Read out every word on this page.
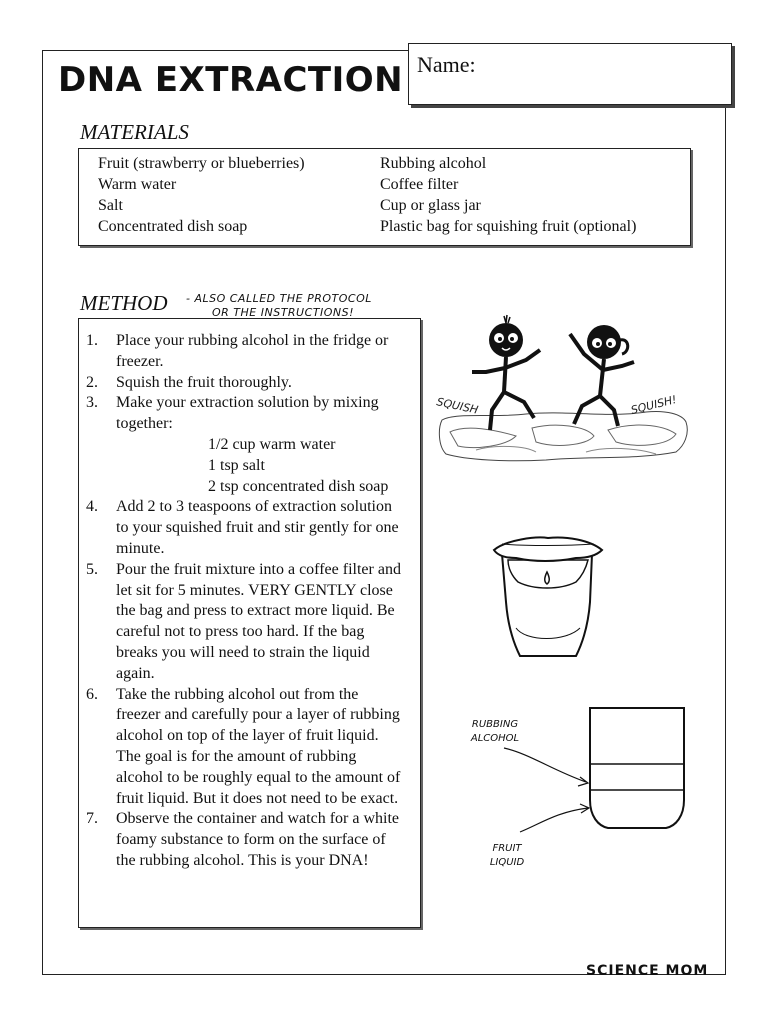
DNA EXTRACTION Name:
MATERIALS
Fruit (strawberry or blueberries)
Warm water
Salt
Concentrated dish soap
Rubbing alcohol
Coffee filter
Cup or glass jar
Plastic bag for squishing fruit (optional)
METHOD - ALSO CALLED THE PROTOCOL
OR THE INSTRUCTIONS!
1. Place your rubbing alcohol in the fridge or freezer.
2. Squish the fruit thoroughly.
3. Make your extraction solution by mixing together:
1/2 cup warm water
1 tsp salt
2 tsp concentrated dish soap
4. Add 2 to 3 teaspoons of extraction solution to your squished fruit and stir gently for one minute.
5. Pour the fruit mixture into a coffee filter and let sit for 5 minutes. VERY GENTLY close the bag and press to extract more liquid. Be careful not to press too hard. If the bag breaks you will need to strain the liquid again.
6. Take the rubbing alcohol out from the freezer and carefully pour a layer of rubbing alcohol on top of the layer of fruit liquid. The goal is for the amount of rubbing alcohol to be roughly equal to the amount of fruit liquid. But it does not need to be exact.
7. Observe the container and watch for a white foamy substance to form on the surface of the rubbing alcohol. This is your DNA!
SQUISH	SQUISH!
RUBBING
ALCOHOL
FRUIT
LIQUID
SCIENCE MOM
